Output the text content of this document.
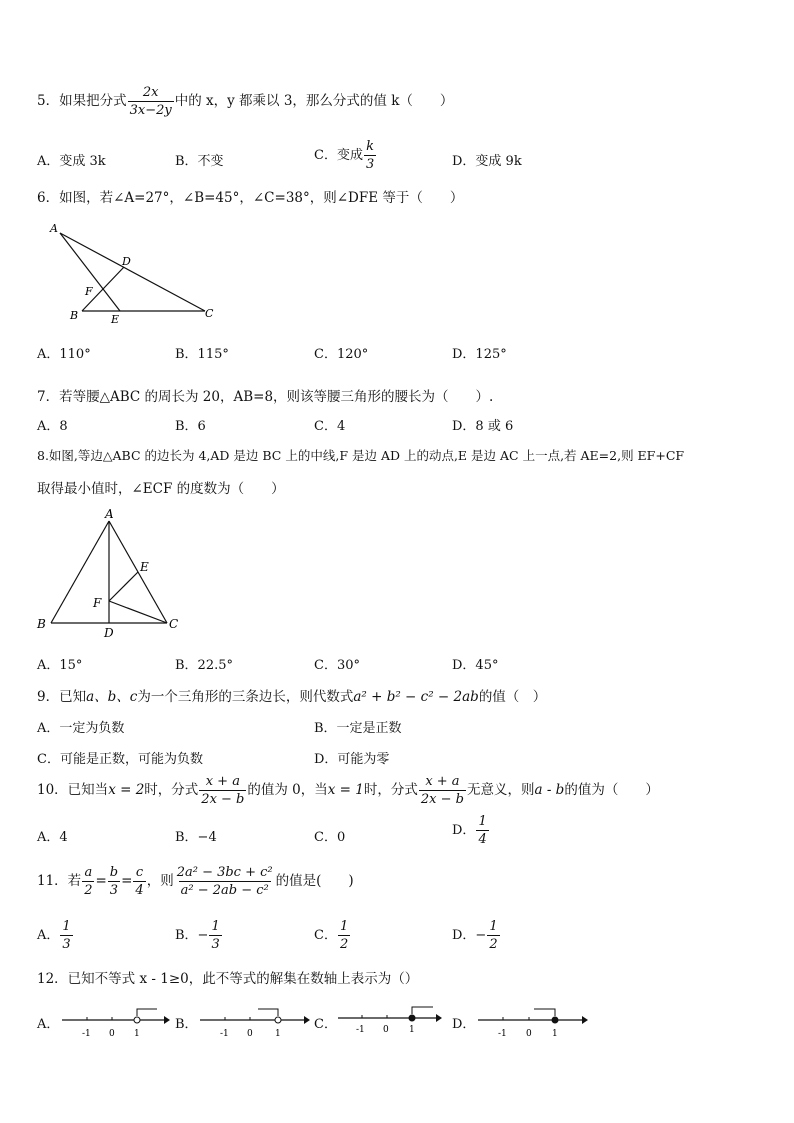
5．如果把分式 $\frac{2x}{3x-2y}$ 中的 x，y 都乘以 3，那么分式的值 k（　　）
A．变成 3k	B．不变	C．变成 $\frac{k}{3}$	D．变成 9k
6．如图，若∠A=27°，∠B=45°，∠C=38°，则∠DFE 等于（　　）
A
D
F
B	E	C
A．110°	B．115°	C．120°	D．125°
7．若等腰△ABC 的周长为 20，AB=8，则该等腰三角形的腰长为（　　）.
A．8	B．6	C．4	D．8 或 6
8.如图,等边△ABC 的边长为 4,AD 是边 BC 上的中线,F 是边 AD 上的动点,E 是边 AC 上一点,若 AE=2,则 EF+CF
取得最小值时，∠ECF 的度数为（　　）
A
E
F
B
D
C
A．15°	B．22.5°	C．30°	D．45°
9．已知a、b、c为一个三角形的三条边长，则代数式a² + b² − c² − 2ab的值（　）
A．一定为负数	B．一定是正数
C．可能是正数，可能为负数	D．可能为零
10．已知当x = 2时，分式 $\frac{x + a}{2x - b}$ 的值为 0，当x = 1时，分式 $\frac{x + a}{2x - b}$ 无意义，则a - b的值为（　　）
A．4	B．−4	C．0	D． $\frac{1}{4}$
11．若 $\frac{a}{2} = \frac{b}{3} = \frac{c}{4}$ ，则 $\frac{\text{2a² − 3bc + c²}}{\text{a² − 2ab − c²}}$ 的值是(　　)
A． $\frac{1}{3}$	B．− $\frac{1}{3}$	C． $\frac{1}{2}$	D．− $\frac{1}{2}$
12．已知不等式 x - 1≥0，此不等式的解集在数轴上表示为（）
A．
-1 0 1
B．
-1 0 1
C． -1 0 1	D．
-1 0 1
